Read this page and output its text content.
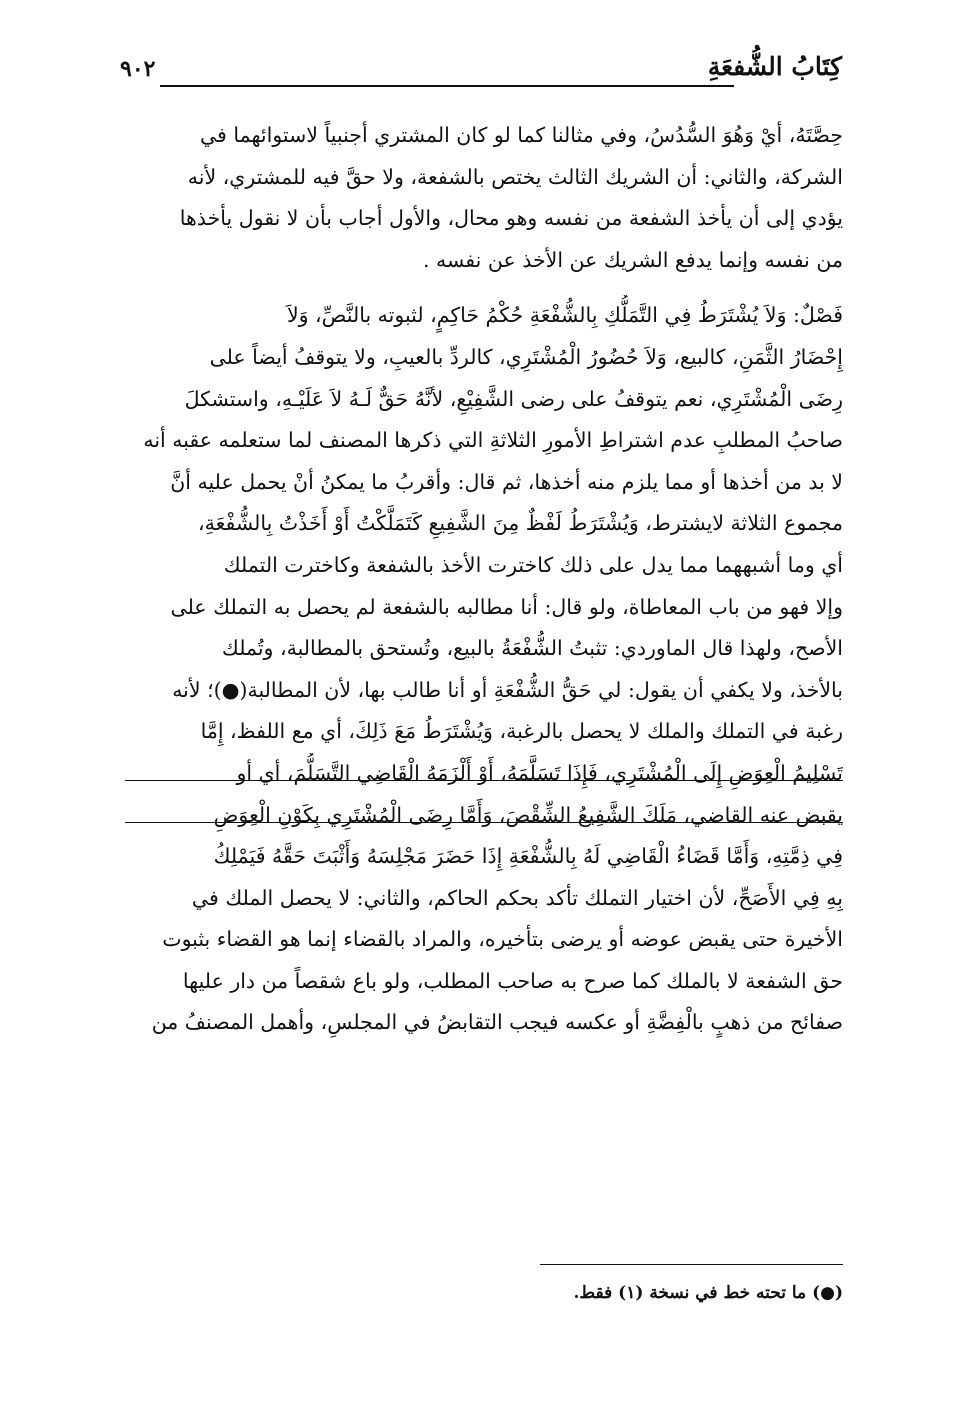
كِتَابُ الشُّفعَةِ
٩٠٢
حِصَّتَهُ، أيْ وَهُوَ السُّدُسُ، وفي مثالنا كما لو كان المشتري أجنبياً لاستوائهما في
الشركة، والثاني: أن الشريك الثالث يختص بالشفعة، ولا حقَّ فيه للمشتري، لأنه
يؤدي إلى أن يأخذ الشفعة من نفسه وهو محال، والأول أجاب بأن لا نقول يأخذها
من نفسه وإنما يدفع الشريك عن الأخذ عن نفسه .
فَصْلٌ: وَلاَ يُشْتَرَطُ فِي التَّمَلُّكِ بِالشُّفْعَةِ حُكْمُ حَاكِمٍ، لثبوته بالنَّصِّ، وَلاَ
إِحْضَارُ الثَّمَنِ، كالبيع، وَلاَ حُضُورُ الْمُشْتَرِي، كالردِّ بالعيبِ، ولا يتوقفُ أيضاً على
رِضَى الْمُشْتَرِي، نعم يتوقفُ على رضى الشَّفِيْعِ، لأنَّهُ حَقٌّ لَـهُ لاَ عَلَيْـهِ، واستشكلَ
صاحبُ المطلبِ عدم اشتراطِ الأمورِ الثلاثةِ التي ذكرها المصنف لما ستعلمه عقبه أنه
لا بد من أخذها أو مما يلزم منه أخذها، ثم قال: وأقربُ ما يمكنُ أنْ يحمل عليه أنَّ
مجموع الثلاثة لايشترط، وَيُشْتَرَطُ لَفْظٌ مِنَ الشَّفِيعِ كَتَمَلَّكْتُ أَوْ أَخَذْتُ بِالشُّفْعَةِ،
أي وما أشبههما مما يدل على ذلك كاخترت الأخذ بالشفعة وكاخترت التملك
وإلا فهو من باب المعاطاة، ولو قال: أنا مطالبه بالشفعة لم يحصل به التملك على
الأصح، ولهذا قال الماوردي: تثبتُ الشُّفْعَةُ بالبيع، وتُستحق بالمطالبة، وتُملك
بالأخذ، ولا يكفي أن يقول: لي حَقُّ الشُّفْعَةِ أو أنا طالب بها، لأن المطالبة(●)؛ لأنه
رغبة في التملك والملك لا يحصل بالرغبة، وَيُشْتَرَطُ مَعَ ذَلِكَ، أي مع اللفظ، إِمَّا
تَسْلِيمُ الْعِوَضِ إِلَى الْمُشْتَرِي، فَإِذَا تَسَلَّمَهُ، أَوْ أَلْزَمَهُ الْقَاضِي التَّسَلُّمَ، أي أو
يقبض عنه القاضي، مَلَكَ الشَّفِيعُ الشِّقْصَ، وَأَمَّا رِضَى الْمُشْتَرِي بِكَوْنِ الْعِوَضِ
فِي ذِمَّتِهِ، وَأَمَّا قَضَاءُ الْقَاضِي لَهُ بِالشُّفْعَةِ إِذَا حَضَرَ مَجْلِسَهُ وَأَثْبَتَ حَقَّهُ فَيَمْلِكُ
بِهِ فِي الأَصَحِّ، لأن اختيار التملك تأكد بحكم الحاكم، والثاني: لا يحصل الملك في
الأخيرة حتى يقبض عوضه أو يرضى بتأخيره، والمراد بالقضاء إنما هو القضاء بثبوت
حق الشفعة لا بالملك كما صرح به صاحب المطلب، ولو باع شقصاً من دار عليها
صفائح من ذهبٍ بالْفِضَّةِ أو عكسه فيجب التقابضُ في المجلسِ، وأهمل المصنفُ من
(●) ما تحته خط في نسخة (١) فقط.
